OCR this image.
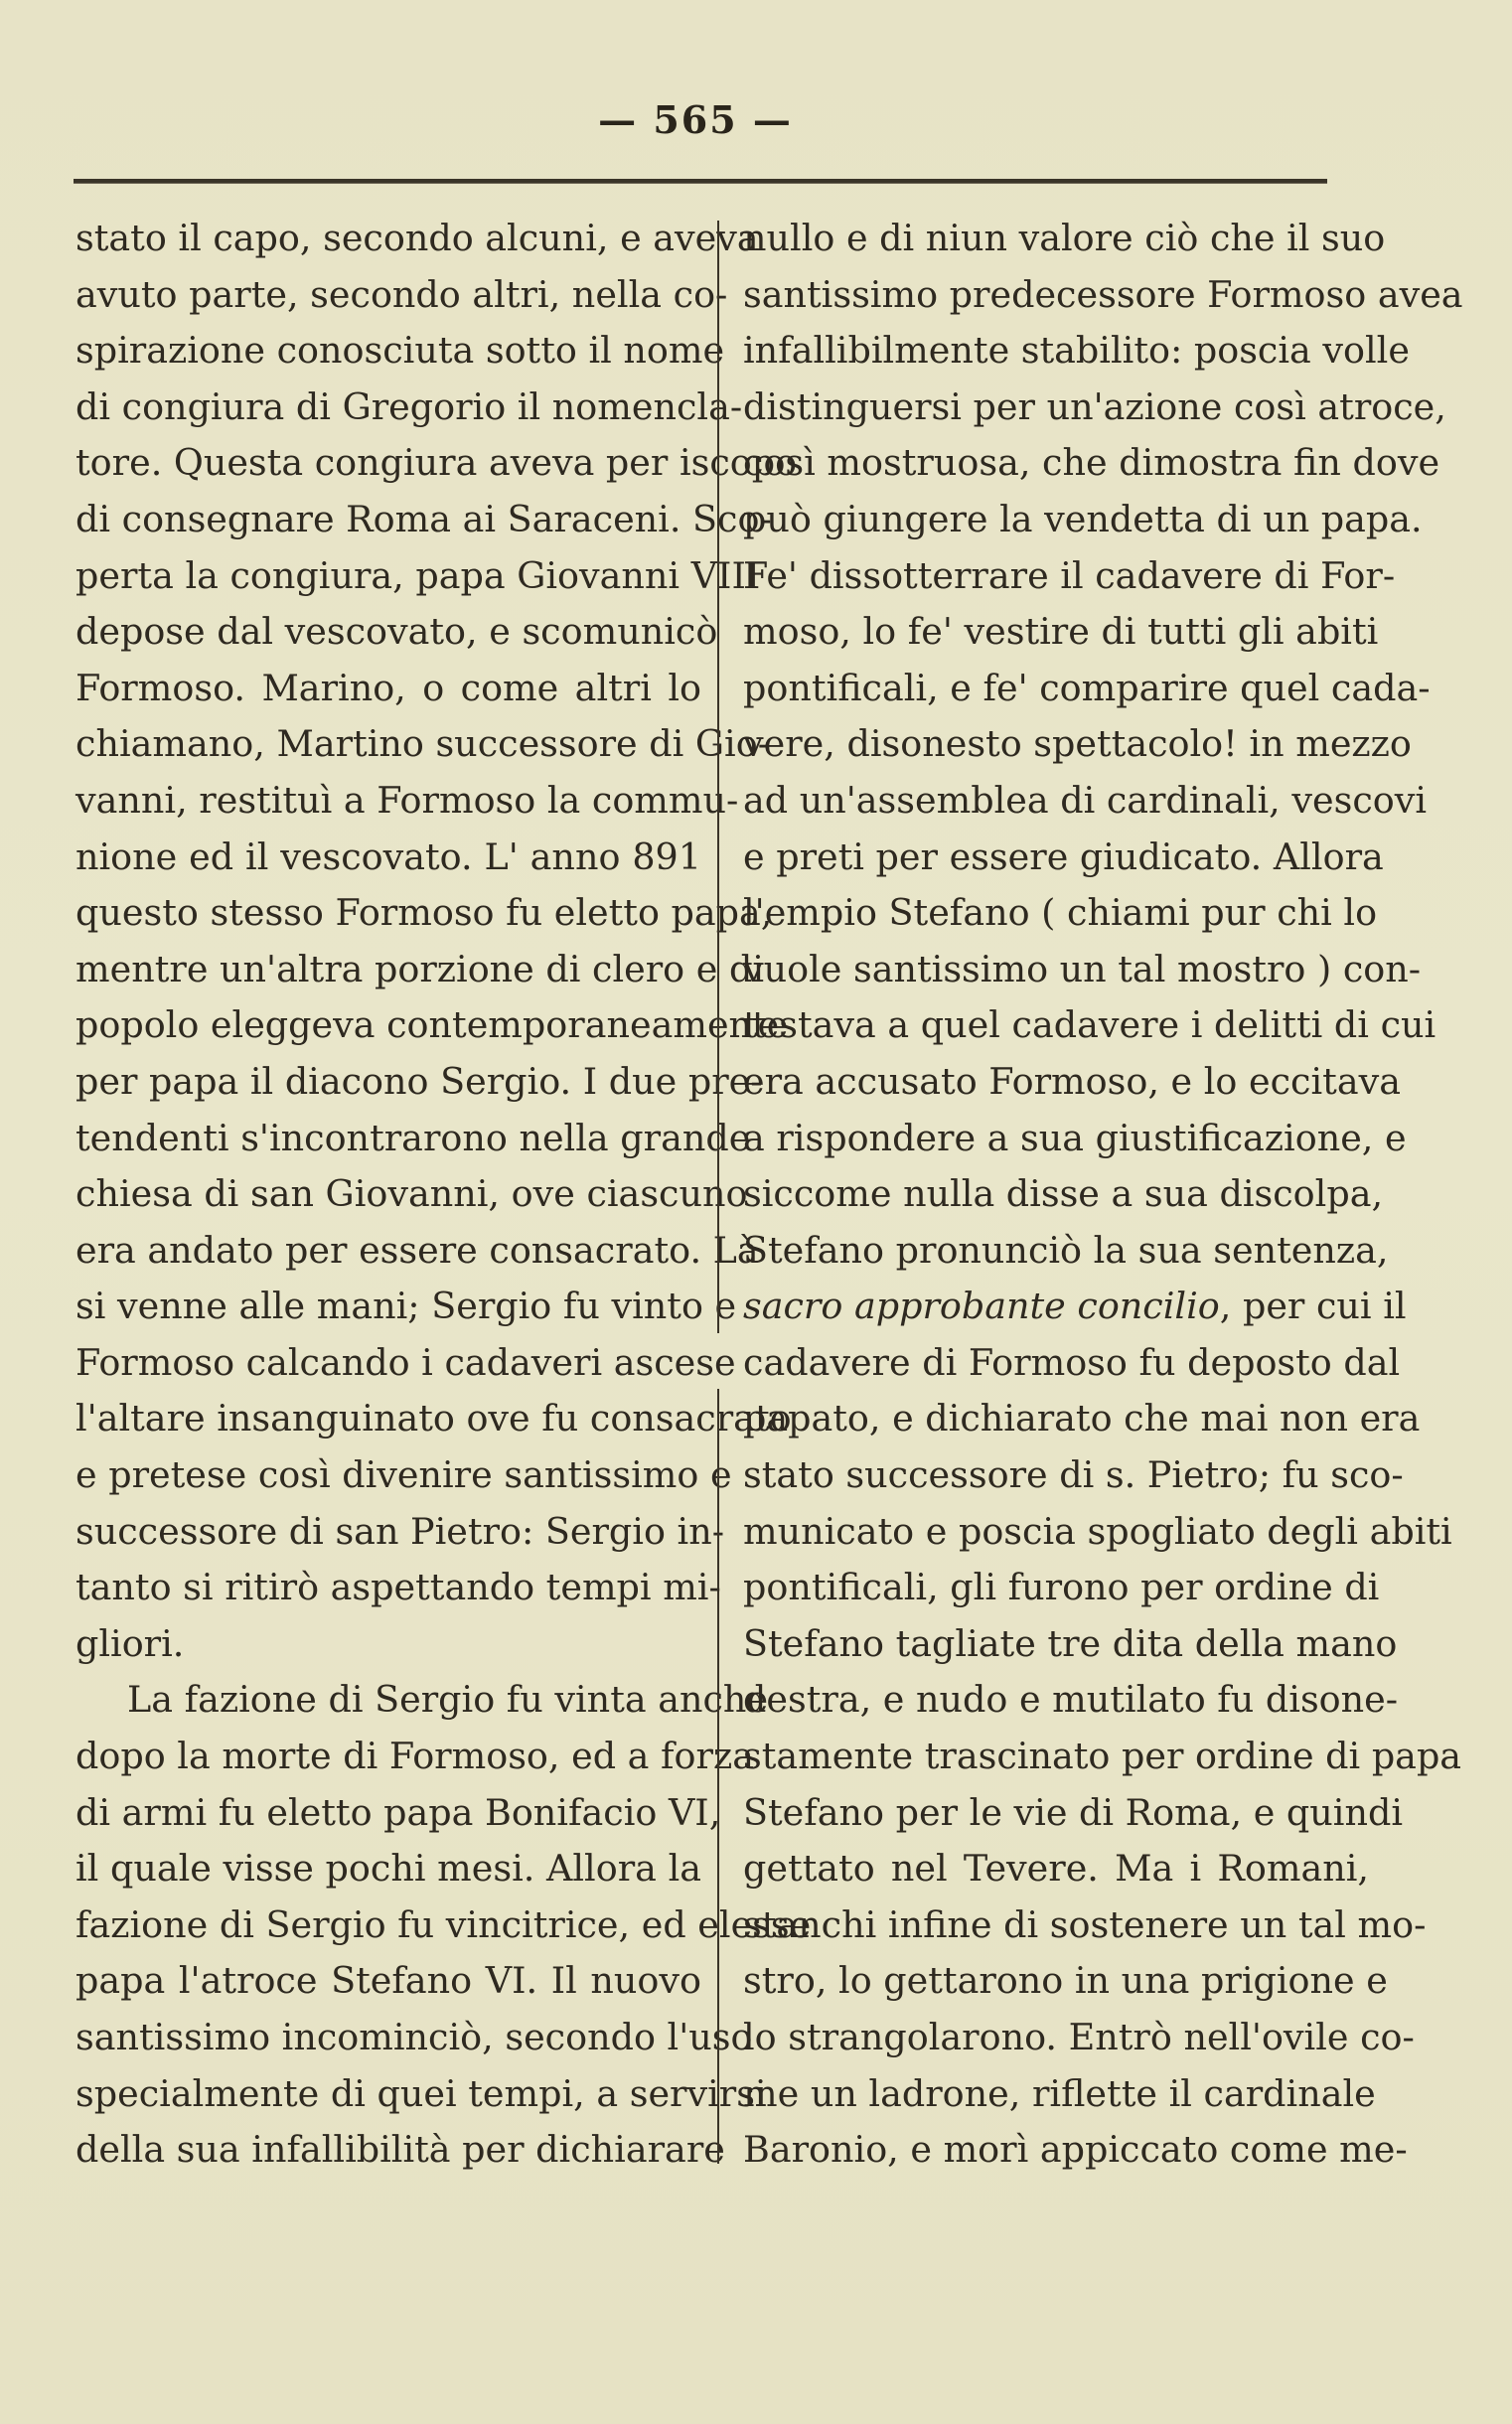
— 565 —
stato il capo, secondo alcuni, e aveva
avuto parte, secondo altri, nella co-
spirazione conosciuta sotto il nome
di congiura di Gregorio il nomencla-
tore. Questa congiura aveva per iscopo
di consegnare Roma ai Saraceni. Sco-
perta la congiura, papa Giovanni VIII
depose dal vescovato, e scomunicò
Formoso. Marino, o come altri lo
chiamano, Martino successore di Gio-
vanni, restituì a Formoso la commu-
nione ed il vescovato. L' anno 891
questo stesso Formoso fu eletto papa,
mentre un'altra porzione di clero e di
popolo eleggeva contemporaneamente
per papa il diacono Sergio. I due pre-
tendenti s'incontrarono nella grande
chiesa di san Giovanni, ove ciascuno
era andato per essere consacrato. Là
si venne alle mani; Sergio fu vinto e
Formoso calcando i cadaveri ascese
l'altare insanguinato ove fu consacrato
e pretese così divenire santissimo e
successore di san Pietro: Sergio in-
tanto si ritirò aspettando tempi mi-
gliori.
La fazione di Sergio fu vinta anche
dopo la morte di Formoso, ed a forza
di armi fu eletto papa Bonifacio VI,
il quale visse pochi mesi. Allora la
fazione di Sergio fu vincitrice, ed elesse
papa l'atroce Stefano VI. Il nuovo
santissimo incominciò, secondo l'uso
specialmente di quei tempi, a servirsi
della sua infallibilità per dichiarare
nullo e di niun valore ciò che il suo
santissimo predecessore Formoso avea
infallibilmente stabilito: poscia volle
distinguersi per un'azione così atroce,
così mostruosa, che dimostra fin dove
può giungere la vendetta di un papa.
Fe' dissotterrare il cadavere di For-
moso, lo fe' vestire di tutti gli abiti
pontificali, e fe' comparire quel cada-
vere, disonesto spettacolo! in mezzo
ad un'assemblea di cardinali, vescovi
e preti per essere giudicato. Allora
l'empio Stefano ( chiami pur chi lo
vuole santissimo un tal mostro ) con-
testava a quel cadavere i delitti di cui
era accusato Formoso, e lo eccitava
a rispondere a sua giustificazione, e
siccome nulla disse a sua discolpa,
Stefano pronunciò la sua sentenza,
sacro approbante concilio, per cui il
cadavere di Formoso fu deposto dal
papato, e dichiarato che mai non era
stato successore di s. Pietro; fu sco-
municato e poscia spogliato degli abiti
pontificali, gli furono per ordine di
Stefano tagliate tre dita della mano
destra, e nudo e mutilato fu disone-
stamente trascinato per ordine di papa
Stefano per le vie di Roma, e quindi
gettato nel Tevere. Ma i Romani,
stanchi infine di sostenere un tal mo-
stro, lo gettarono in una prigione e
lo strangolarono. Entrò nell'ovile co-
me un ladrone, riflette il cardinale
Baronio, e morì appiccato come me-
